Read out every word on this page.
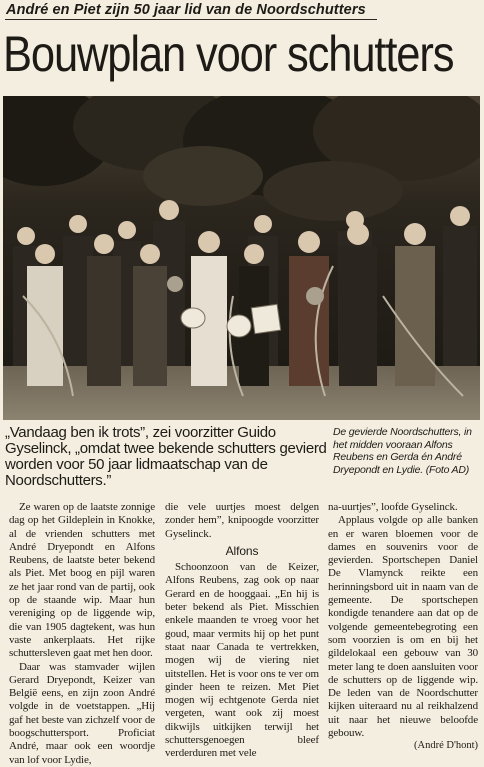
André en Piet zijn 50 jaar lid van de Noordschutters
Bouwplan voor schutters
„Vandaag ben ik trots”, zei voorzitter Guido Gyselinck, „omdat twee bekende schutters gevierd worden voor 50 jaar lidmaatschap van de Noordschutters.”
De gevierde Noordschutters, in het midden vooraan Alfons Reubens en Gerda én André Dryepondt en Lydie. (Foto AD)

Ze waren op de laatste zonnige dag op het Gildeplein in Knokke, al de vrienden schutters met André Dryepondt en Alfons Reubens, de laatste beter bekend als Piet. Met boog en pijl waren ze het jaar rond van de partij, ook op de staande wip. Maar hun vereniging op de liggende wip, die van 1905 dagtekent, was hun vaste ankerplaats. Het rijke schuttersleven gaat met hen door.

Daar was stamvader wijlen Gerard Dryepondt, Keizer van België eens, en zijn zoon André volgde in de voetstappen. „Hij gaf het beste van zichzelf voor de boogschuttersport. Proficiat André, maar ook een woordje van lof voor Lydie,

die vele uurtjes moest delgen zonder hem”, knipoogde voorzitter Gyselinck.

Alfons

Schoonzoon van de Keizer, Alfons Reubens, zag ook op naar Gerard en de hooggaai. „En hij is beter bekend als Piet. Misschien enkele maanden te vroeg voor het goud, maar vermits hij op het punt staat naar Canada te vertrekken, mogen wij de viering niet uitstellen. Het is voor ons te ver om ginder heen te reizen. Met Piet mogen wij echtgenote Gerda niet vergeten, want ook zij moest dikwijls uitkijken terwijl het schuttersgenoegen bleef verderduren met vele

na-uurtjes”, loofde Gyselinck.

Applaus volgde op alle banken en er waren bloemen voor de dames en souvenirs voor de gevierden. Sportschepen Daniel De Vlamynck reikte een herinningsbord uit in naam van de gemeente. De sportschepen kondigde tenandere aan dat op de volgende gemeentebegroting een som voorzien is om en bij het gildelokaal een gebouw van 30 meter lang te doen aansluiten voor de schutters op de liggende wip. De leden van de Noordschutter kijken uiteraard nu al reikhalzend uit naar het nieuwe beloofde gebouw.

(André D'hont)
